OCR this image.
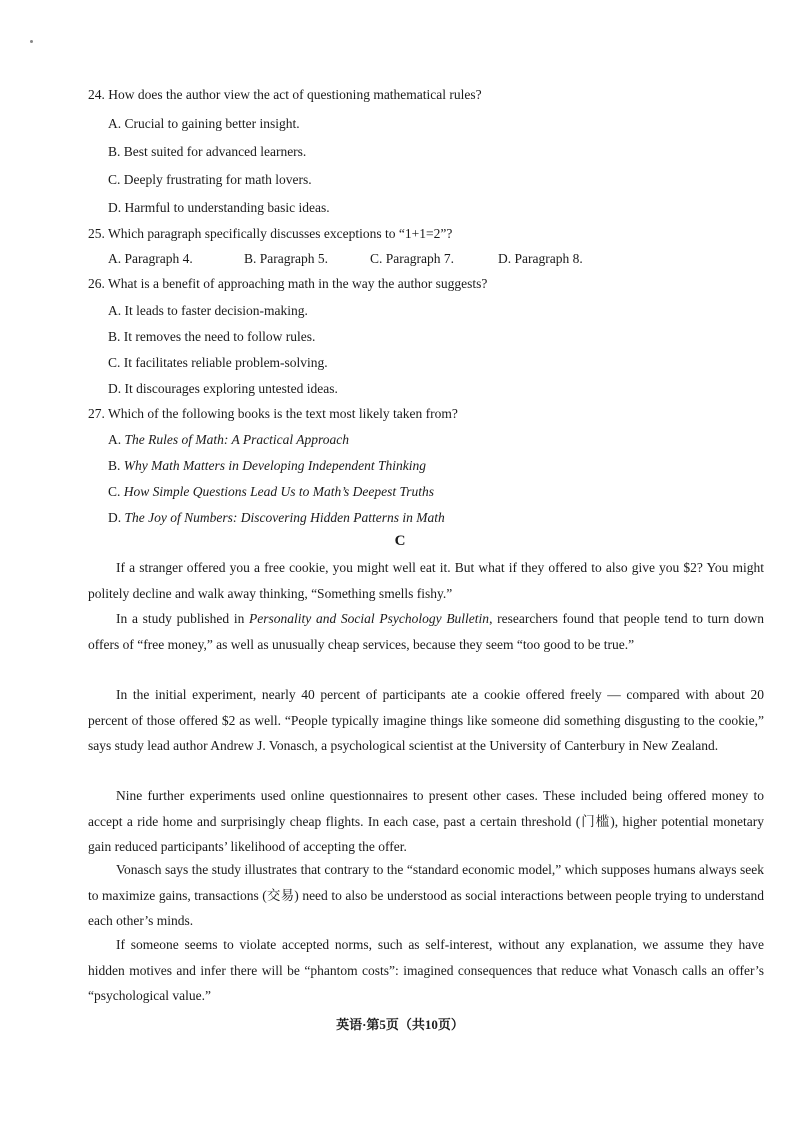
24. How does the author view the act of questioning mathematical rules?
A. Crucial to gaining better insight.
B. Best suited for advanced learners.
C. Deeply frustrating for math lovers.
D. Harmful to understanding basic ideas.
25. Which paragraph specifically discusses exceptions to “1+1=2”?
A. Paragraph 4.	B. Paragraph 5.	C. Paragraph 7.	D. Paragraph 8.
26. What is a benefit of approaching math in the way the author suggests?
A. It leads to faster decision-making.
B. It removes the need to follow rules.
C. It facilitates reliable problem-solving.
D. It discourages exploring untested ideas.
27. Which of the following books is the text most likely taken from?
A. The Rules of Math: A Practical Approach
B. Why Math Matters in Developing Independent Thinking
C. How Simple Questions Lead Us to Math’s Deepest Truths
D. The Joy of Numbers: Discovering Hidden Patterns in Math
C
If a stranger offered you a free cookie, you might well eat it. But what if they offered to also give you $2? You might politely decline and walk away thinking, “Something smells fishy.”
In a study published in Personality and Social Psychology Bulletin, researchers found that people tend to turn down offers of “free money,” as well as unusually cheap services, because they seem “too good to be true.”
In the initial experiment, nearly 40 percent of participants ate a cookie offered freely — compared with about 20 percent of those offered $2 as well. “People typically imagine things like someone did something disgusting to the cookie,” says study lead author Andrew J. Vonasch, a psychological scientist at the University of Canterbury in New Zealand.
Nine further experiments used online questionnaires to present other cases. These included being offered money to accept a ride home and surprisingly cheap flights. In each case, past a certain threshold (门槛), higher potential monetary gain reduced participants’ likelihood of accepting the offer.
Vonasch says the study illustrates that contrary to the “standard economic model,” which supposes humans always seek to maximize gains, transactions (交易) need to also be understood as social interactions between people trying to understand each other’s minds.
If someone seems to violate accepted norms, such as self-interest, without any explanation, we assume they have hidden motives and infer there will be “phantom costs”: imagined consequences that reduce what Vonasch calls an offer’s “psychological value.”
英语·第5页（共10页）
